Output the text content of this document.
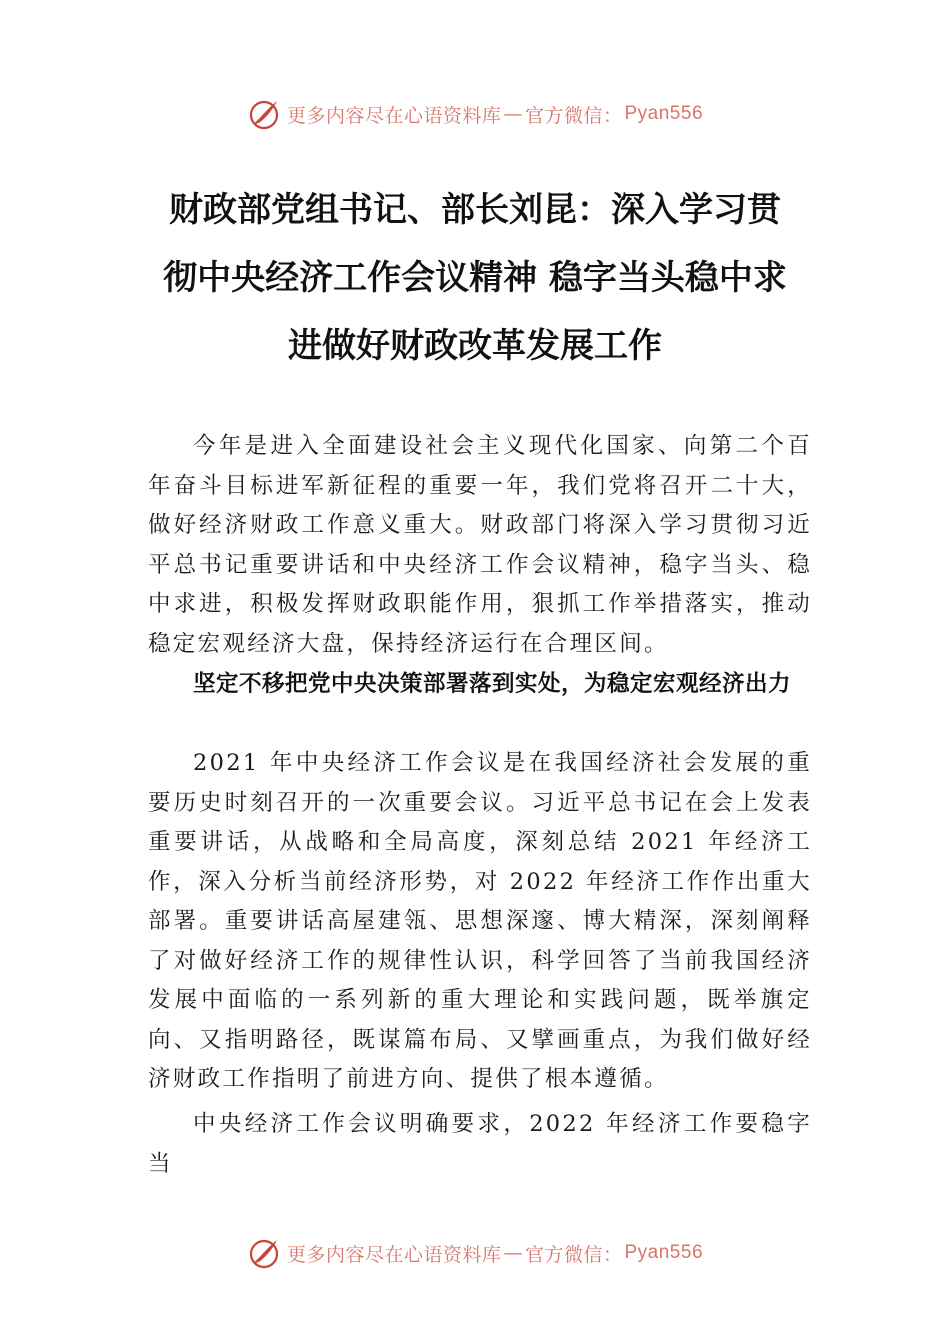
更多内容尽在心语资料库 — 官方微信： Pyan556
财政部党组书记、部长刘昆：深入学习贯
彻中央经济工作会议精神 稳字当头稳中求
进做好财政改革发展工作

今年是进入全面建设社会主义现代化国家、向第二个百年奋斗目标进军新征程的重要一年，我们党将召开二十大， 做好经济财政工作意义重大。财政部门将深入学习贯彻习近平总书记重要讲话和中央经济工作会议精神，稳字当头、稳中求进，积极发挥财政职能作用，狠抓工作举措落实，推动稳定宏观经济大盘，保持经济运行在合理区间。

坚定不移把党中央决策部署落到实处，为稳定宏观经济出力

2021 年中央经济工作会议是在我国经济社会发展的重要历史时刻召开的一次重要会议。习近平总书记在会上发表重要讲话，从战略和全局高度，深刻总结 2021 年经济工作，深入分析当前经济形势，对 2022 年经济工作作出重大部署。重要讲话高屋建瓴、思想深邃、博大精深，深刻阐释了对做好经济工作的规律性认识，科学回答了当前我国经济发展中面临的一系列新的重大理论和实践问题，既举旗定向、又指明路径，既谋篇布局、又擘画重点，为我们做好经济财政工作指明了前进方向、提供了根本遵循。

中央经济工作会议明确要求，2022 年经济工作要稳字当

更多内容尽在心语资料库 — 官方微信： Pyan556
